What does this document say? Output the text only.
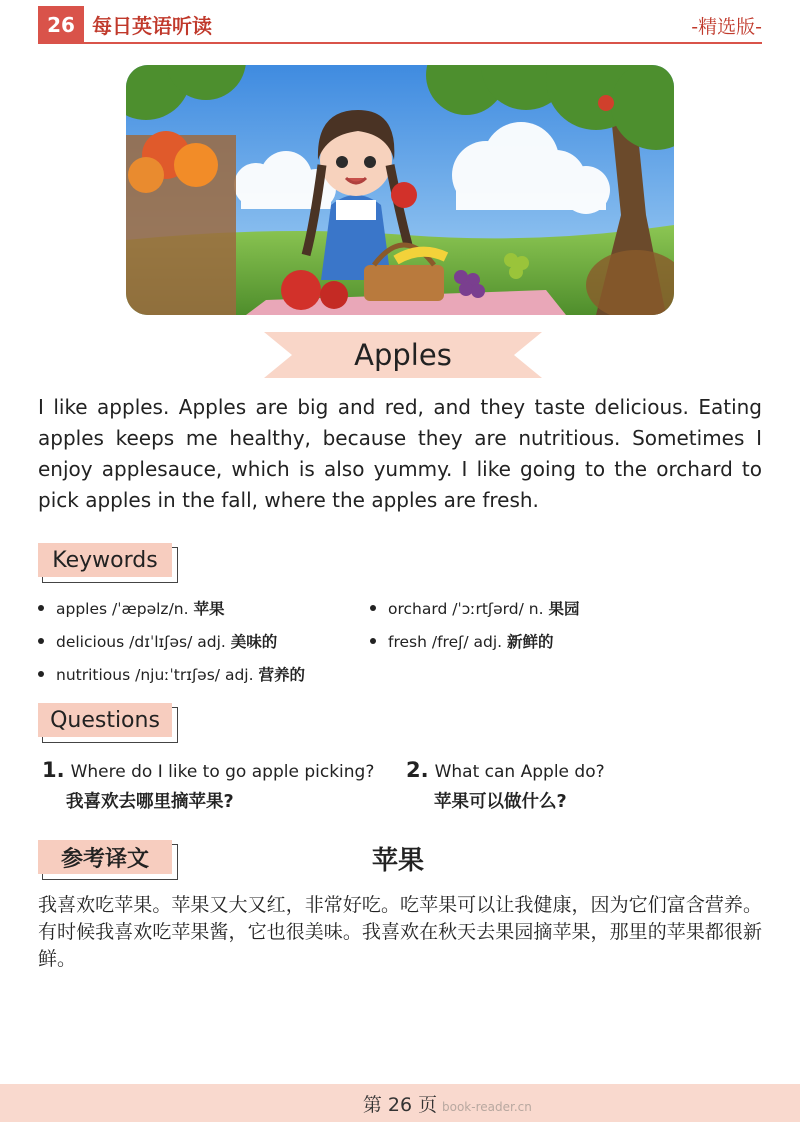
26 每日英语听读	-精选版-
Apples
I like apples. Apples are big and red, and they taste delicious. Eating apples keeps me healthy, because they are nutritious. Sometimes I enjoy applesauce, which is also yummy. I like going to the orchard to pick apples in the fall, where the apples are fresh.
Keywords
apples /ˈæpəlz/n. 苹果	orchard /ˈɔːrtʃərd/ n. 果园
delicious /dɪˈlɪʃəs/ adj. 美味的	fresh /freʃ/ adj. 新鲜的
nutritious /njuːˈtrɪʃəs/ adj. 营养的
Questions
1. Where do I like to go apple picking?
我喜欢去哪里摘苹果?
2. What can Apple do?
苹果可以做什么?
参考译文	苹果
我喜欢吃苹果。苹果又大又红，非常好吃。吃苹果可以让我健康，因为它们富含营养。有时候我喜欢吃苹果酱，它也很美味。我喜欢在秋天去果园摘苹果，那里的苹果都很新鲜。
第 26 页 book-reader.cn
